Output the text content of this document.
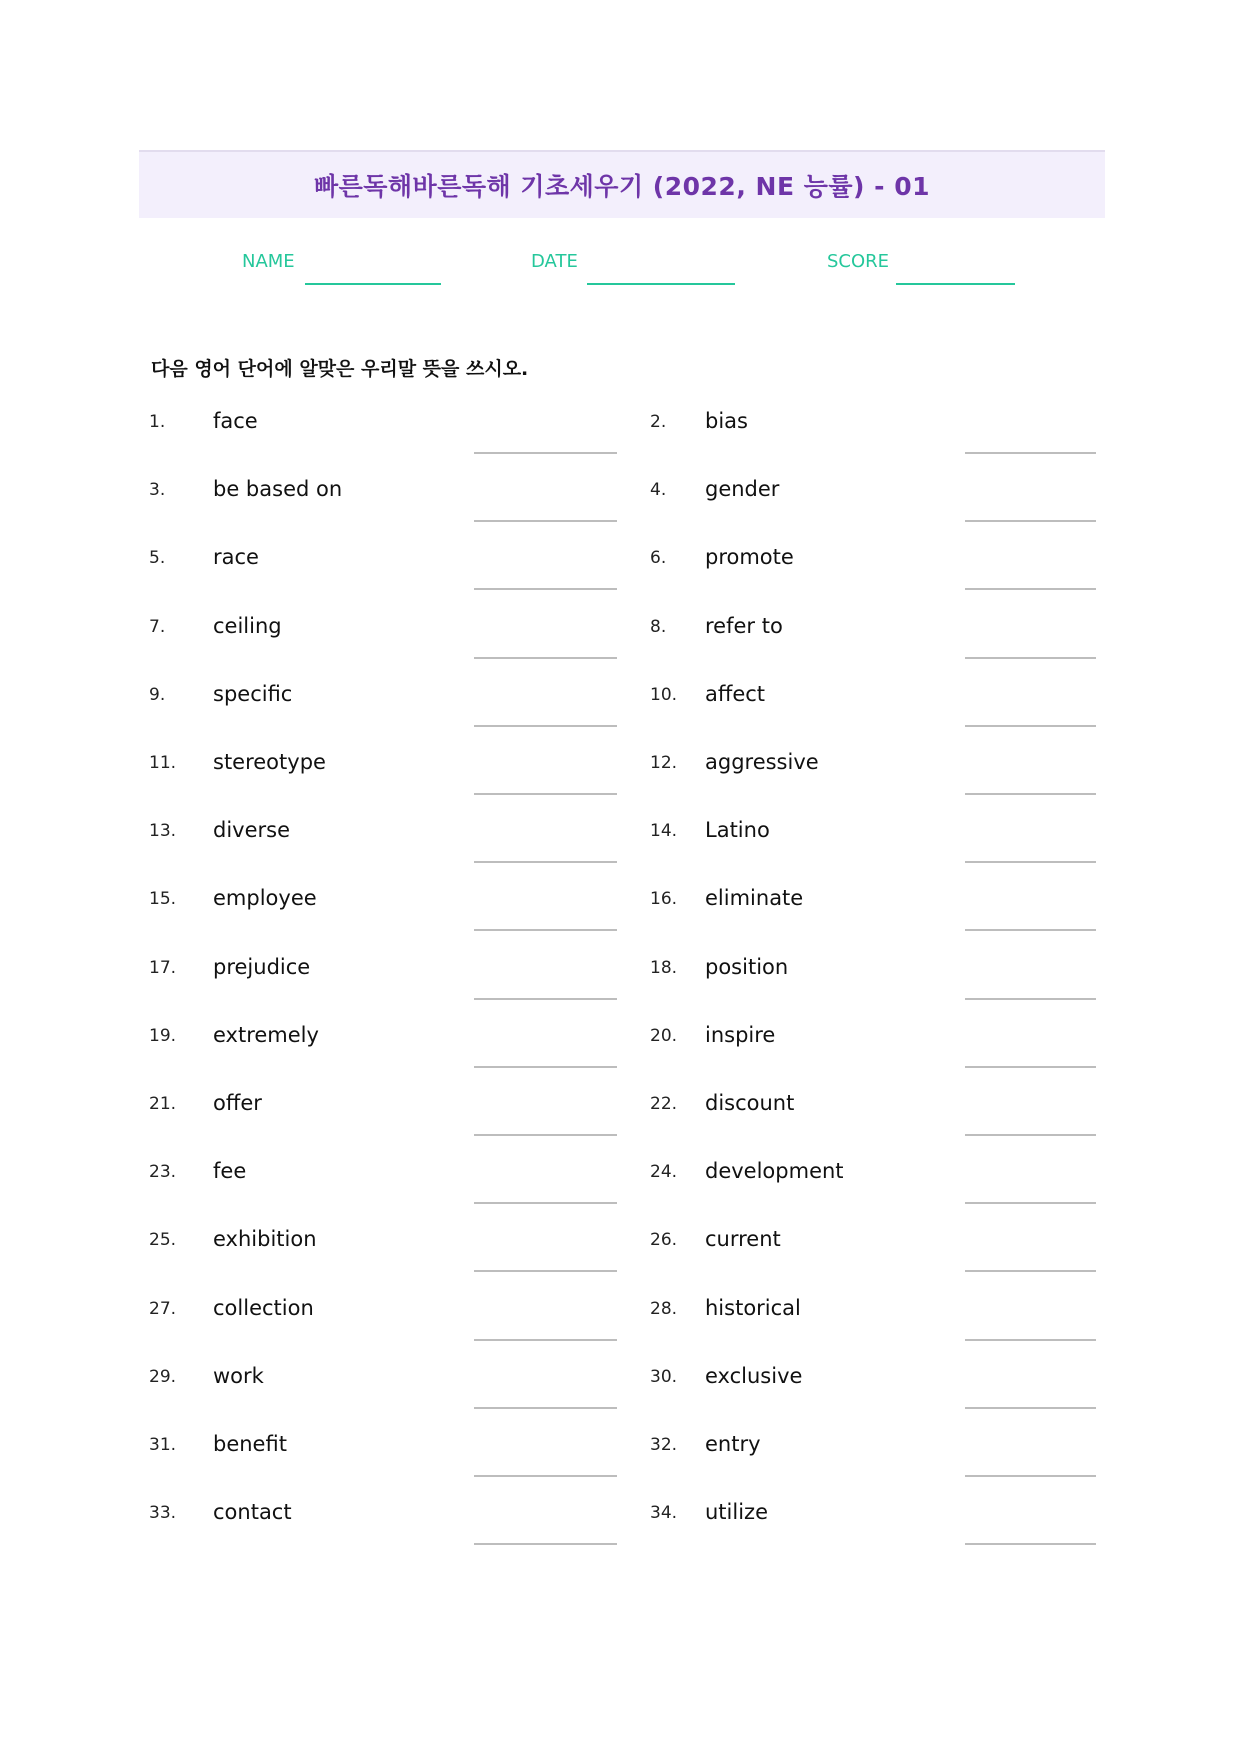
빠른독해바른독해 기초세우기 (2022, NE 능률) - 01
NAME	DATE	SCORE
다음 영어 단어에 알맞은 우리말 뜻을 쓰시오.
1. face	2. bias
3. be based on	4. gender
5. race	6. promote
7. ceiling	8. refer to
9. specific	10. affect
11. stereotype	12. aggressive
13. diverse	14. Latino
15. employee	16. eliminate
17. prejudice	18. position
19. extremely	20. inspire
21. offer	22. discount
23. fee	24. development
25. exhibition	26. current
27. collection	28. historical
29. work	30. exclusive
31. benefit	32. entry
33. contact	34. utilize
